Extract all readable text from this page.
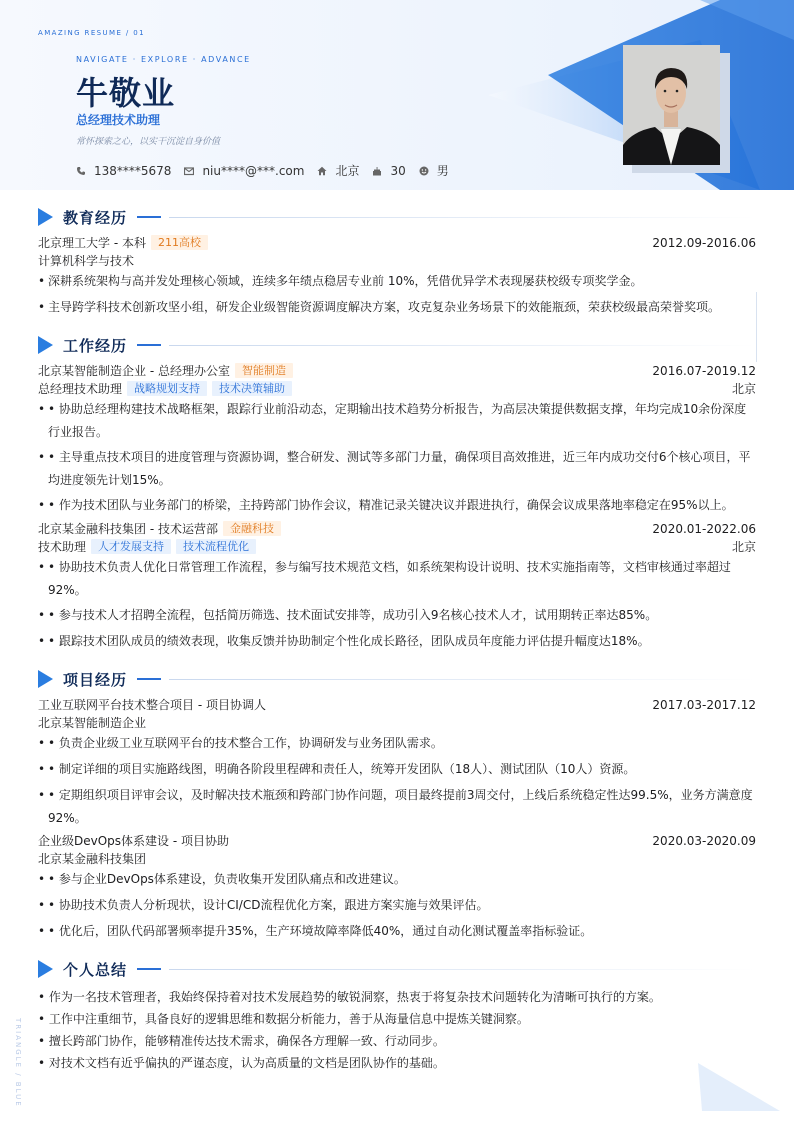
AMAZING RESUME / 01
NAVIGATE · EXPLORE · ADVANCE
牛敬业
总经理技术助理
常怀探索之心，以实干沉淀自身价值
138****5678	niu****@***.com	北京	30	男
TRIANGLE / BLUE
教育经历
北京理工大学 - 本科 211高校	2012.09-2016.06
计算机科学与技术
• 深耕系统架构与高并发处理核心领域，连续多年绩点稳居专业前 10%，凭借优异学术表现屡获校级专项奖学金。
• 主导跨学科技术创新攻坚小组，研发企业级智能资源调度解决方案，攻克复杂业务场景下的效能瓶颈，荣获校级最高荣誉奖项。
工作经历
北京某智能制造企业 - 总经理办公室 智能制造	2016.07-2019.12
总经理技术助理 战略规划支持 技术决策辅助	北京
• • 协助总经理构建技术战略框架，跟踪行业前沿动态，定期输出技术趋势分析报告，为高层决策提供数据支撑，年均完成10余份深度行业报告。
• • 主导重点技术项目的进度管理与资源协调，整合研发、测试等多部门力量，确保项目高效推进，近三年内成功交付6个核心项目，平均进度领先计划15%。
• • 作为技术团队与业务部门的桥梁，主持跨部门协作会议，精准记录关键决议并跟进执行，确保会议成果落地率稳定在95%以上。
北京某金融科技集团 - 技术运营部 金融科技	2020.01-2022.06
技术助理 人才发展支持 技术流程优化	北京
• • 协助技术负责人优化日常管理工作流程，参与编写技术规范文档，如系统架构设计说明、技术实施指南等，文档审核通过率超过92%。
• • 参与技术人才招聘全流程，包括简历筛选、技术面试安排等，成功引入9名核心技术人才，试用期转正率达85%。
• • 跟踪技术团队成员的绩效表现，收集反馈并协助制定个性化成长路径，团队成员年度能力评估提升幅度达18%。
项目经历
工业互联网平台技术整合项目 - 项目协调人	2017.03-2017.12
北京某智能制造企业
• • 负责企业级工业互联网平台的技术整合工作，协调研发与业务团队需求。
• • 制定详细的项目实施路线图，明确各阶段里程碑和责任人，统筹开发团队（18人）、测试团队（10人）资源。
• • 定期组织项目评审会议，及时解决技术瓶颈和跨部门协作问题，项目最终提前3周交付，上线后系统稳定性达99.5%，业务方满意度92%。
企业级DevOps体系建设 - 项目协助	2020.03-2020.09
北京某金融科技集团
• • 参与企业DevOps体系建设，负责收集开发团队痛点和改进建议。
• • 协助技术负责人分析现状，设计CI/CD流程优化方案，跟进方案实施与效果评估。
• • 优化后，团队代码部署频率提升35%，生产环境故障率降低40%，通过自动化测试覆盖率指标验证。
个人总结
• 作为一名技术管理者，我始终保持着对技术发展趋势的敏锐洞察，热衷于将复杂技术问题转化为清晰可执行的方案。
• 工作中注重细节，具备良好的逻辑思维和数据分析能力，善于从海量信息中提炼关键洞察。
• 擅长跨部门协作，能够精准传达技术需求，确保各方理解一致、行动同步。
• 对技术文档有近乎偏执的严谨态度，认为高质量的文档是团队协作的基础。
